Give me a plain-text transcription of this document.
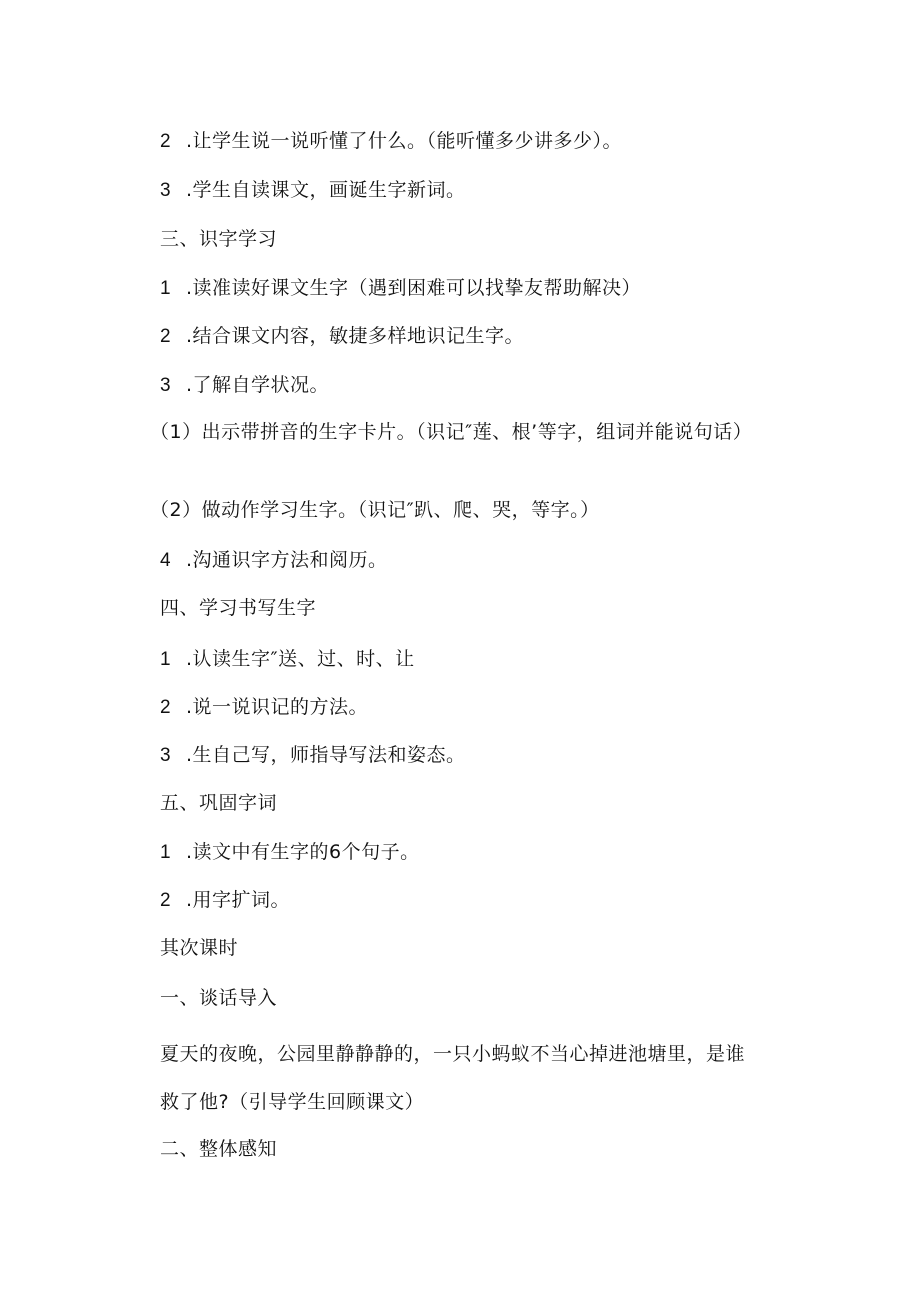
2 .让学生说一说听懂了什么。（能听懂多少讲多少）。
3 .学生自读课文，画诞生字新词。
三、识字学习
1 .读准读好课文生字（遇到困难可以找挚友帮助解决）
2 .结合课文内容，敏捷多样地识记生字。
3 .了解自学状况。
（1）出示带拼音的生字卡片。（识记″莲、根’等字，组词并能说句话）
（2）做动作学习生字。（识记″趴、爬、哭，等字。）
4 .沟通识字方法和阅历。
四、学习书写生字
1 .认读生字″送、过、时、让
2 .说一说识记的方法。
3 .生自己写，师指导写法和姿态。
五、巩固字词
1 .读文中有生字的6个句子。
2 .用字扩词。
其次课时
一、谈话导入
夏天的夜晚，公园里静静静的，一只小蚂蚁不当心掉进池塘里，是谁救了他?（引导学生回顾课文）
二、整体感知
